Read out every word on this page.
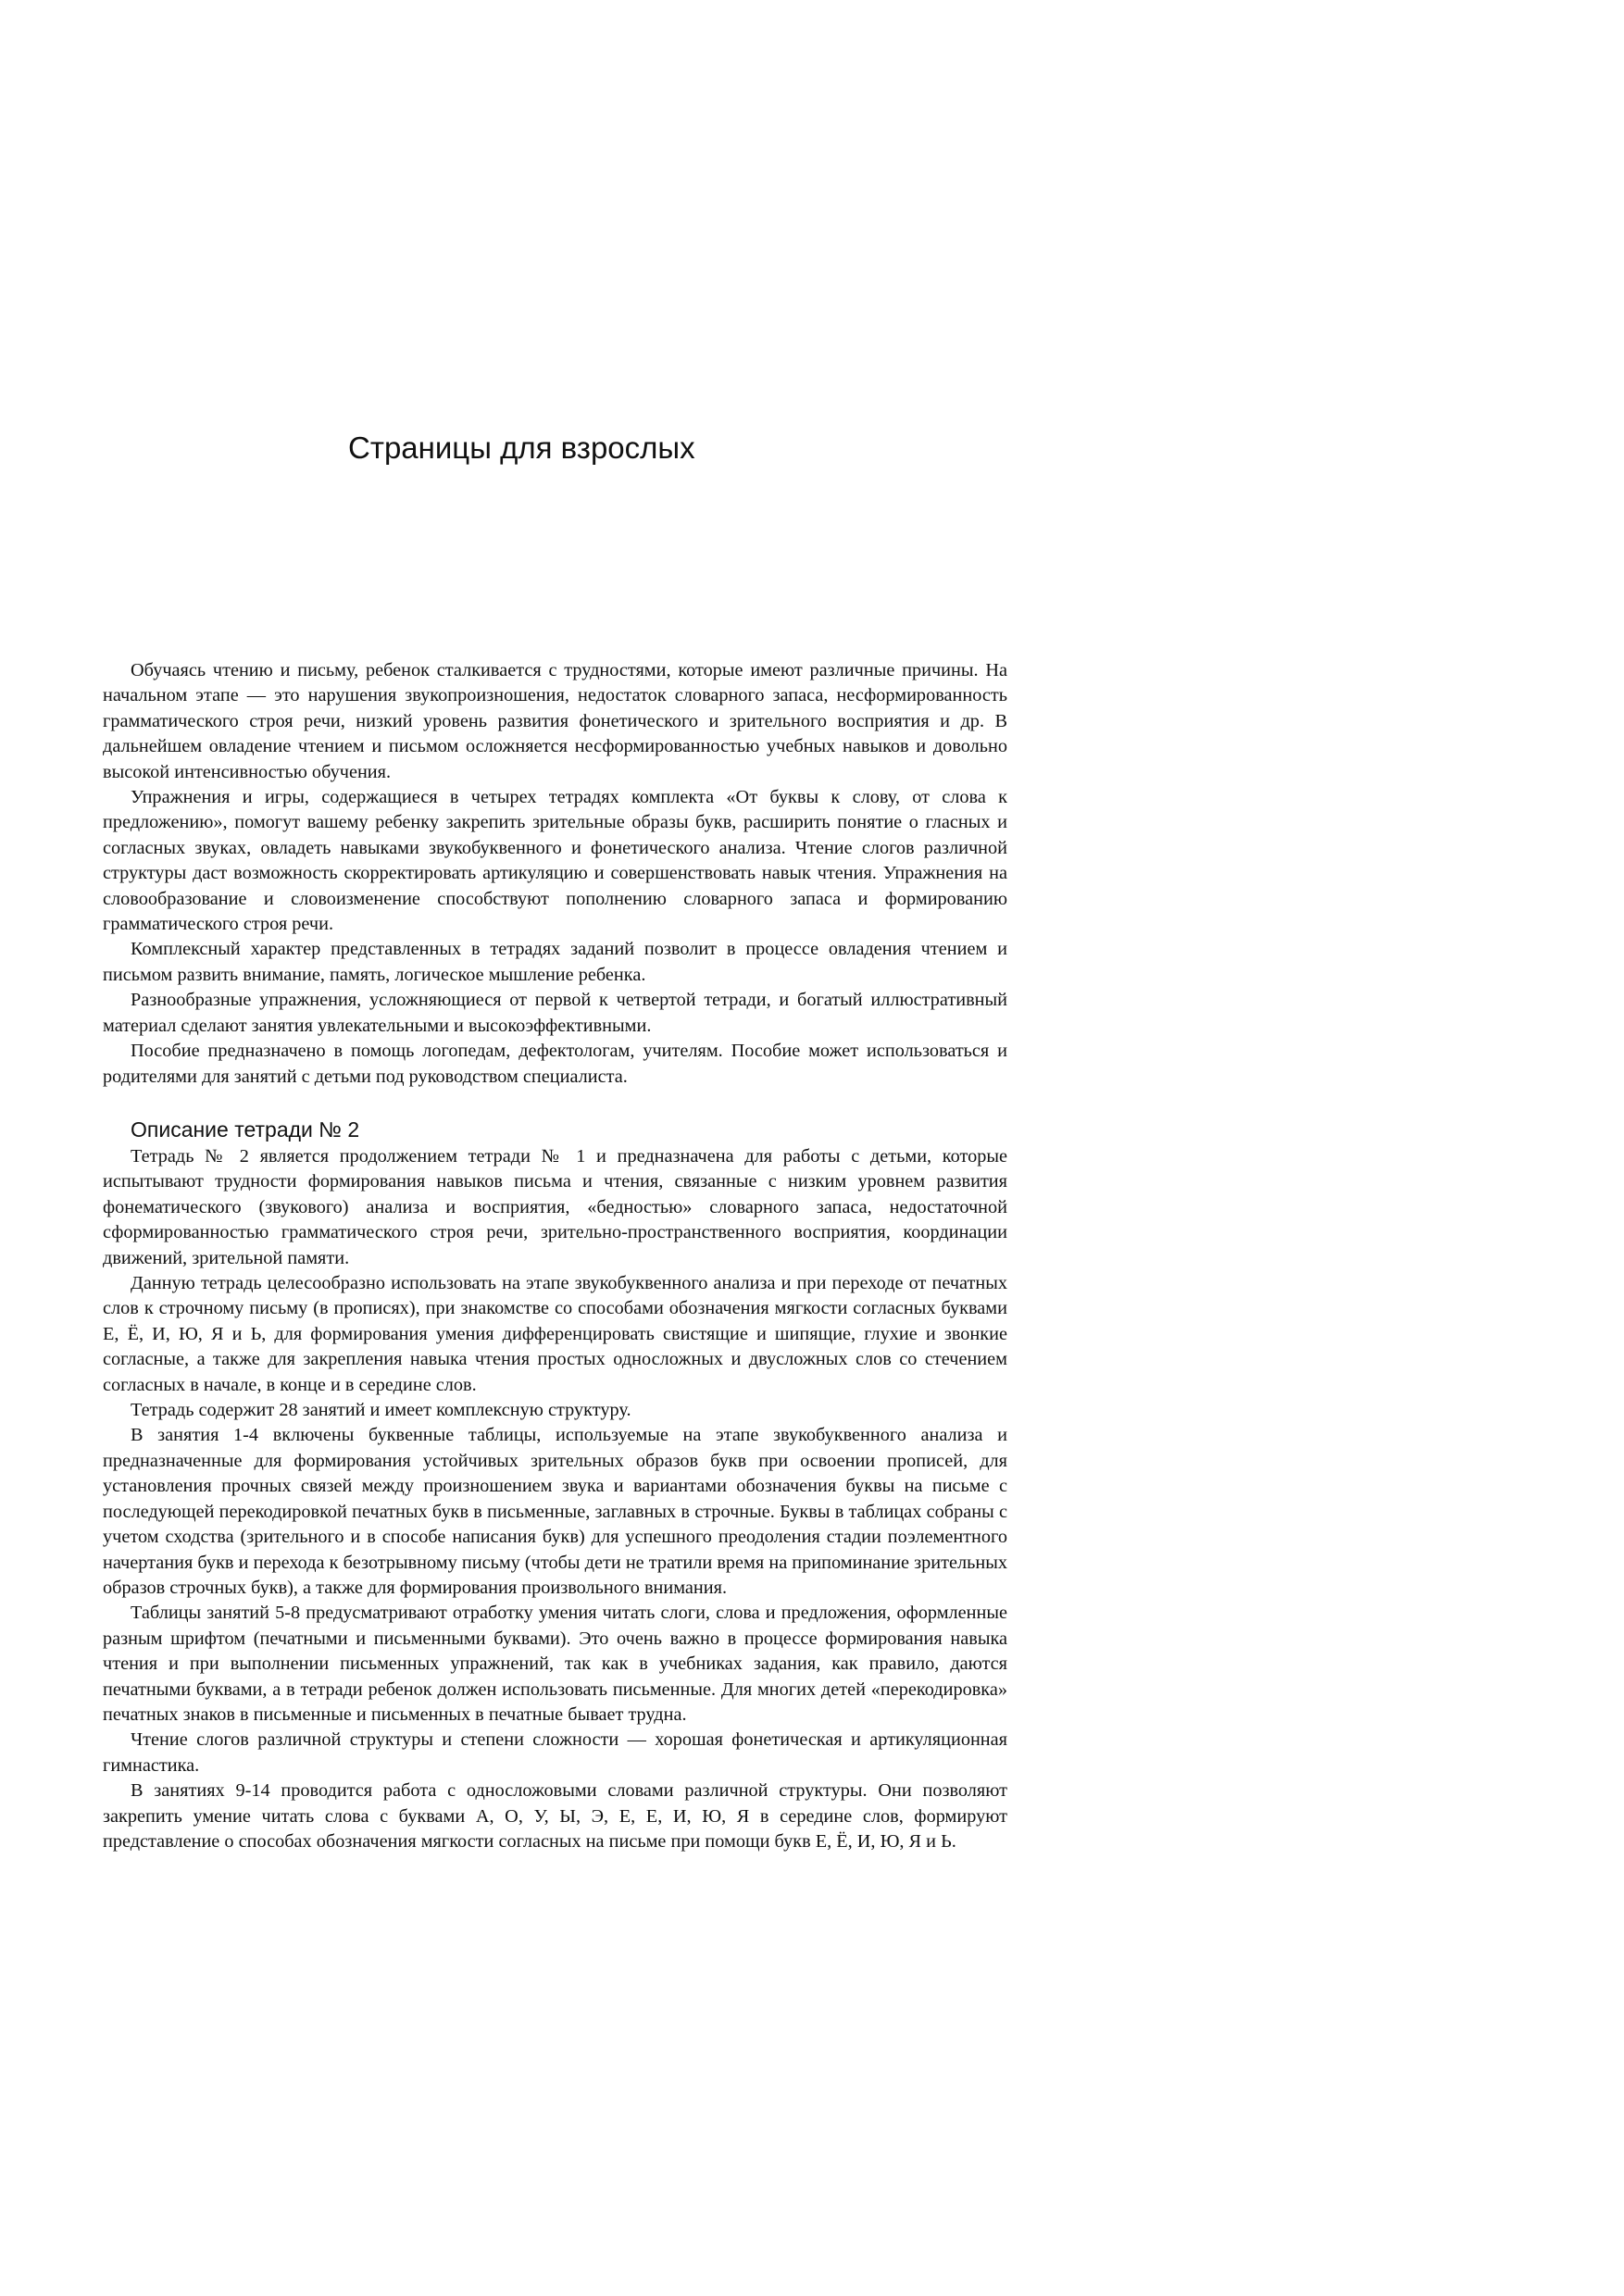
Страницы для взрослых

Обучаясь чтению и письму, ребенок сталкивается с трудностями, которые имеют различные причины. На начальном этапе — это нарушения звукопроизношения, недостаток словарного запаса, несформированность грамматического строя речи, низкий уровень развития фонетического и зрительного восприятия и др. В дальнейшем овладение чтением и письмом осложняется несформированностью учебных навыков и довольно высокой интенсивностью обучения.

Упражнения и игры, содержащиеся в четырех тетрадях комплекта «От буквы к слову, от слова к предложению», помогут вашему ребенку закрепить зрительные образы букв, расширить понятие о гласных и согласных звуках, овладеть навыками звукобуквенного и фонетического анализа. Чтение слогов различной структуры даст возможность скорректировать артикуляцию и совершенствовать навык чтения. Упражнения на словообразование и словоизменение способствуют пополнению словарного запаса и формированию грамматического строя речи.

Комплексный характер представленных в тетрадях заданий позволит в процессе овладения чтением и письмом развить внимание, память, логическое мышление ребенка.

Разнообразные упражнения, усложняющиеся от первой к четвертой тетради, и богатый иллюстративный материал сделают занятия увлекательными и высокоэффективными.

Пособие предназначено в помощь логопедам, дефектологам, учителям. Пособие может использоваться и родителями для занятий с детьми под руководством специалиста.

Описание тетради № 2

Тетрадь № 2 является продолжением тетради № 1 и предназначена для работы с детьми, которые испытывают трудности формирования навыков письма и чтения, связанные с низким уровнем развития фонематического (звукового) анализа и восприятия, «бедностью» словарного запаса, недостаточной сформированностью грамматического строя речи, зрительно-пространственного восприятия, координации движений, зрительной памяти.

Данную тетрадь целесообразно использовать на этапе звукобуквенного анализа и при переходе от печатных слов к строчному письму (в прописях), при знакомстве со способами обозначения мягкости согласных буквами Е, Ё, И, Ю, Я и Ь, для формирования умения дифференцировать свистящие и шипящие, глухие и звонкие согласные, а также для закрепления навыка чтения простых односложных и двусложных слов со стечением согласных в начале, в конце и в середине слов.

Тетрадь содержит 28 занятий и имеет комплексную структуру.

В занятия 1-4 включены буквенные таблицы, используемые на этапе звукобуквенного анализа и предназначенные для формирования устойчивых зрительных образов букв при освоении прописей, для установления прочных связей между произношением звука и вариантами обозначения буквы на письме с последующей перекодировкой печатных букв в письменные, заглавных в строчные. Буквы в таблицах собраны с учетом сходства (зрительного и в способе написания букв) для успешного преодоления стадии поэлементного начертания букв и перехода к безотрывному письму (чтобы дети не тратили время на припоминание зрительных образов строчных букв), а также для формирования произвольного внимания.

Таблицы занятий 5-8 предусматривают отработку умения читать слоги, слова и предложения, оформленные разным шрифтом (печатными и письменными буквами). Это очень важно в процессе формирования навыка чтения и при выполнении письменных упражнений, так как в учебниках задания, как правило, даются печатными буквами, а в тетради ребенок должен использовать письменные. Для многих детей «перекодировка» печатных знаков в письменные и письменных в печатные бывает трудна.

Чтение слогов различной структуры и степени сложности — хорошая фонетическая и артикуляционная гимнастика.

В занятиях 9-14 проводится работа с односложовыми словами различной структуры. Они позволяют закрепить умение читать слова с буквами А, О, У, Ы, Э, Е, Е, И, Ю, Я в середине слов, формируют представление о способах обозначения мягкости согласных на письме при помощи букв Е, Ё, И, Ю, Я и Ь.
